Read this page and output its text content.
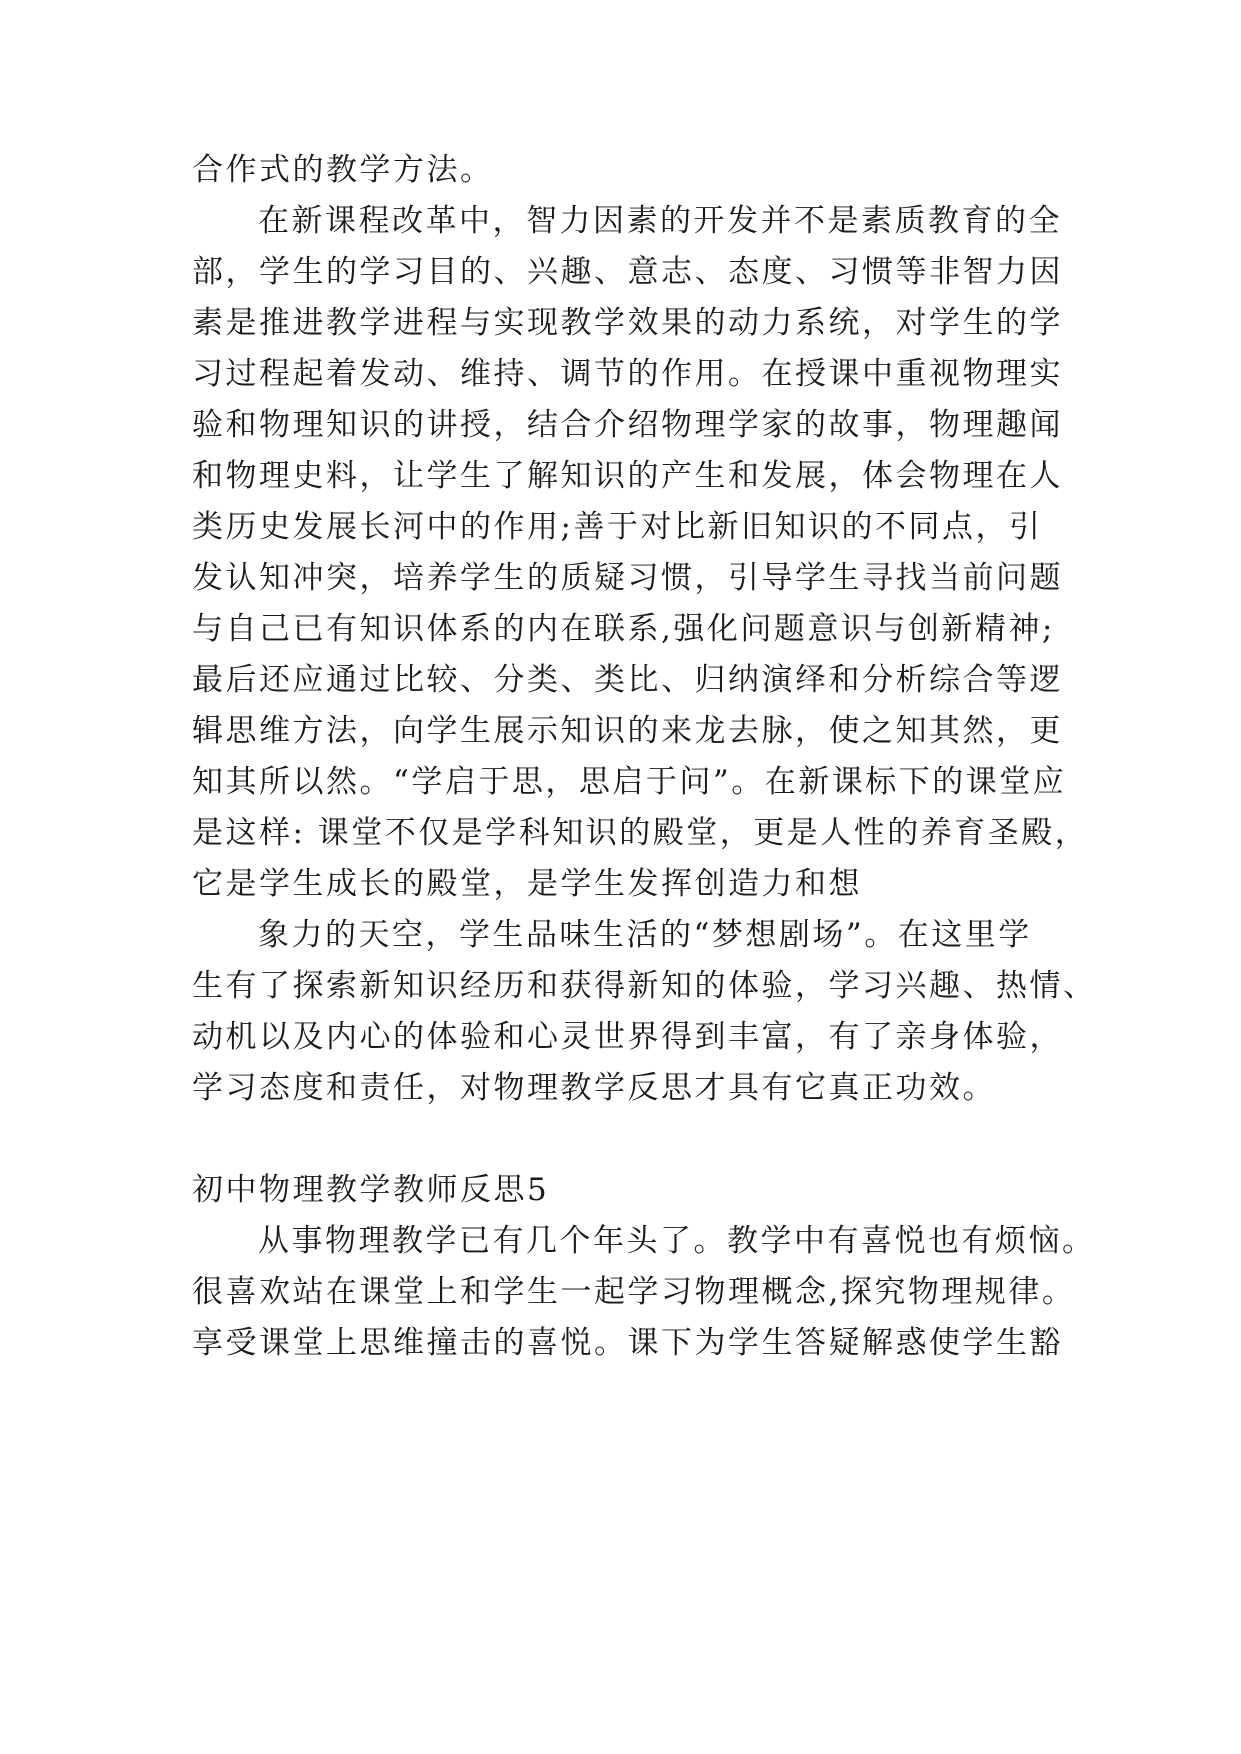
合作式的教学方法。
在新课程改革中，智力因素的开发并不是素质教育的全
部，学生的学习目的、兴趣、意志、态度、习惯等非智力因
素是推进教学进程与实现教学效果的动力系统，对学生的学
习过程起着发动、维持、调节的作用。在授课中重视物理实
验和物理知识的讲授，结合介绍物理学家的故事，物理趣闻
和物理史料，让学生了解知识的产生和发展，体会物理在人
类历史发展长河中的作用;善于对比新旧知识的不同点，引
发认知冲突，培养学生的质疑习惯，引导学生寻找当前问题
与自己已有知识体系的内在联系,强化问题意识与创新精神;
最后还应通过比较、分类、类比、归纳演绎和分析综合等逻
辑思维方法，向学生展示知识的来龙去脉，使之知其然，更
知其所以然。“学启于思，思启于问”。在新课标下的课堂应
是这样: 课堂不仅是学科知识的殿堂，更是人性的养育圣殿，
它是学生成长的殿堂，是学生发挥创造力和想
象力的天空，学生品味生活的“梦想剧场”。在这里学
生有了探索新知识经历和获得新知的体验，学习兴趣、热情、
动机以及内心的体验和心灵世界得到丰富，有了亲身体验，
学习态度和责任，对物理教学反思才具有它真正功效。
初中物理教学教师反思5
从事物理教学已有几个年头了。教学中有喜悦也有烦恼。
很喜欢站在课堂上和学生一起学习物理概念,探究物理规律。
享受课堂上思维撞击的喜悦。课下为学生答疑解惑使学生豁
